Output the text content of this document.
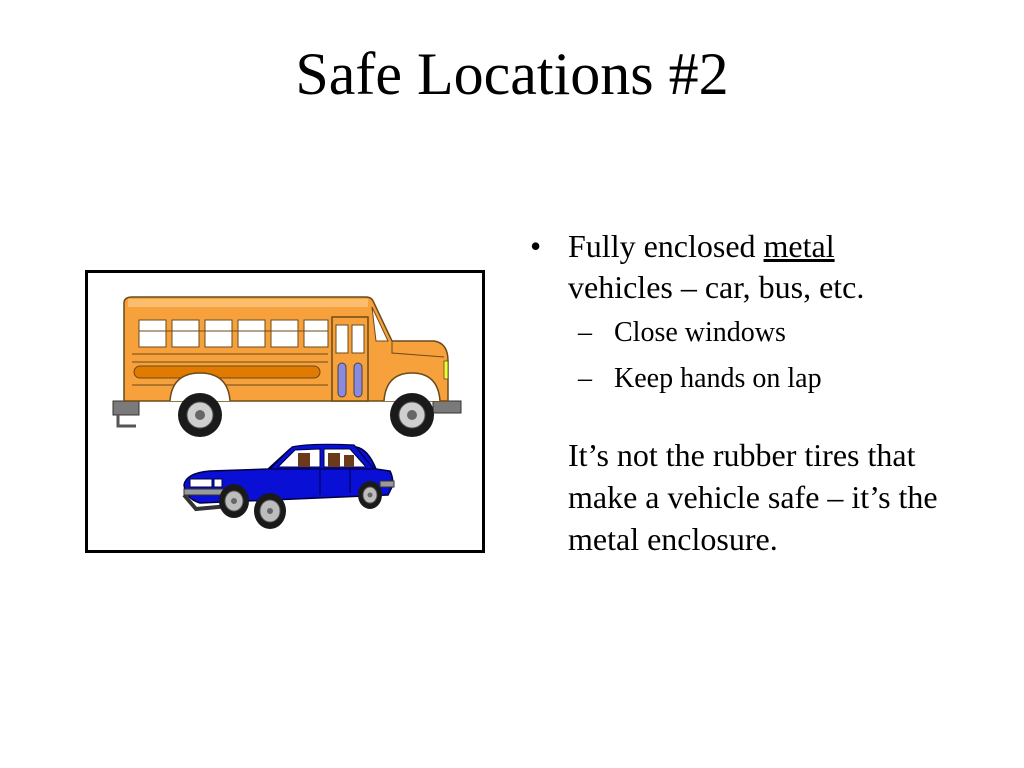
Safe Locations #2
• Fully enclosed metal vehicles – car, bus, etc.
– Close windows
– Keep hands on lap
It’s not the rubber tires that make a vehicle safe – it’s the metal enclosure.
